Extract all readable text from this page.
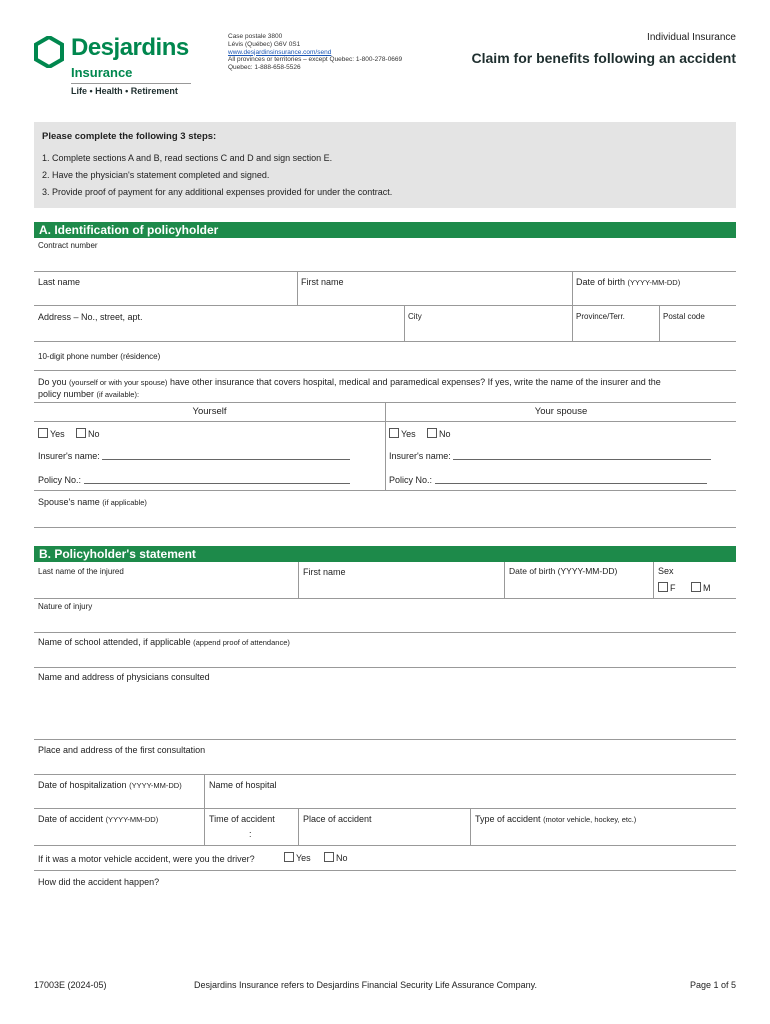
Desjardins
Insurance
Life • Health • Retirement
Case postale 3800
Lévis (Québec) G6V 0S1
www.desjardinsinsurance.com/send
All provinces or territories – except Quebec: 1-800-278-0669
Quebec: 1-888-658-5526
Individual Insurance
Claim for benefits following an accident
Please complete the following 3 steps:
1. Complete sections A and B, read sections C and D and sign section E.
2. Have the physician's statement completed and signed.
3. Provide proof of payment for any additional expenses provided for under the contract.
A. Identification of policyholder
Contract number
Last name	First name	Date of birth (YYYY-MM-DD)
Address – No., street, apt.	City	Province/Terr.	Postal code
10-digit phone number (résidence)
Do you (yourself or with your spouse) have other insurance that covers hospital, medical and paramedical expenses? If yes, write the name of the insurer and the
policy number (if available):
Yourself	Your spouse
Yes	No	Yes	No
Insurer's name:	Insurer's name:
Policy No.:	Policy No.:
Spouse's name (if applicable)
B. Policyholder's statement
Last name of the injured	First name	Date of birth (YYYY-MM-DD)	Sex
F	M
Nature of injury
Name of school attended, if applicable (append proof of attendance)
Name and address of physicians consulted
Place and address of the first consultation
Date of hospitalization (YYYY-MM-DD)	Name of hospital
Date of accident (YYYY-MM-DD)	Time of accident	Place of accident	Type of accident (motor vehicle, hockey, etc.)
:
If it was a motor vehicle accident, were you the driver?	Yes	No
How did the accident happen?
17003E (2024-05)	Desjardins Insurance refers to Desjardins Financial Security Life Assurance Company.	Page 1 of 5
